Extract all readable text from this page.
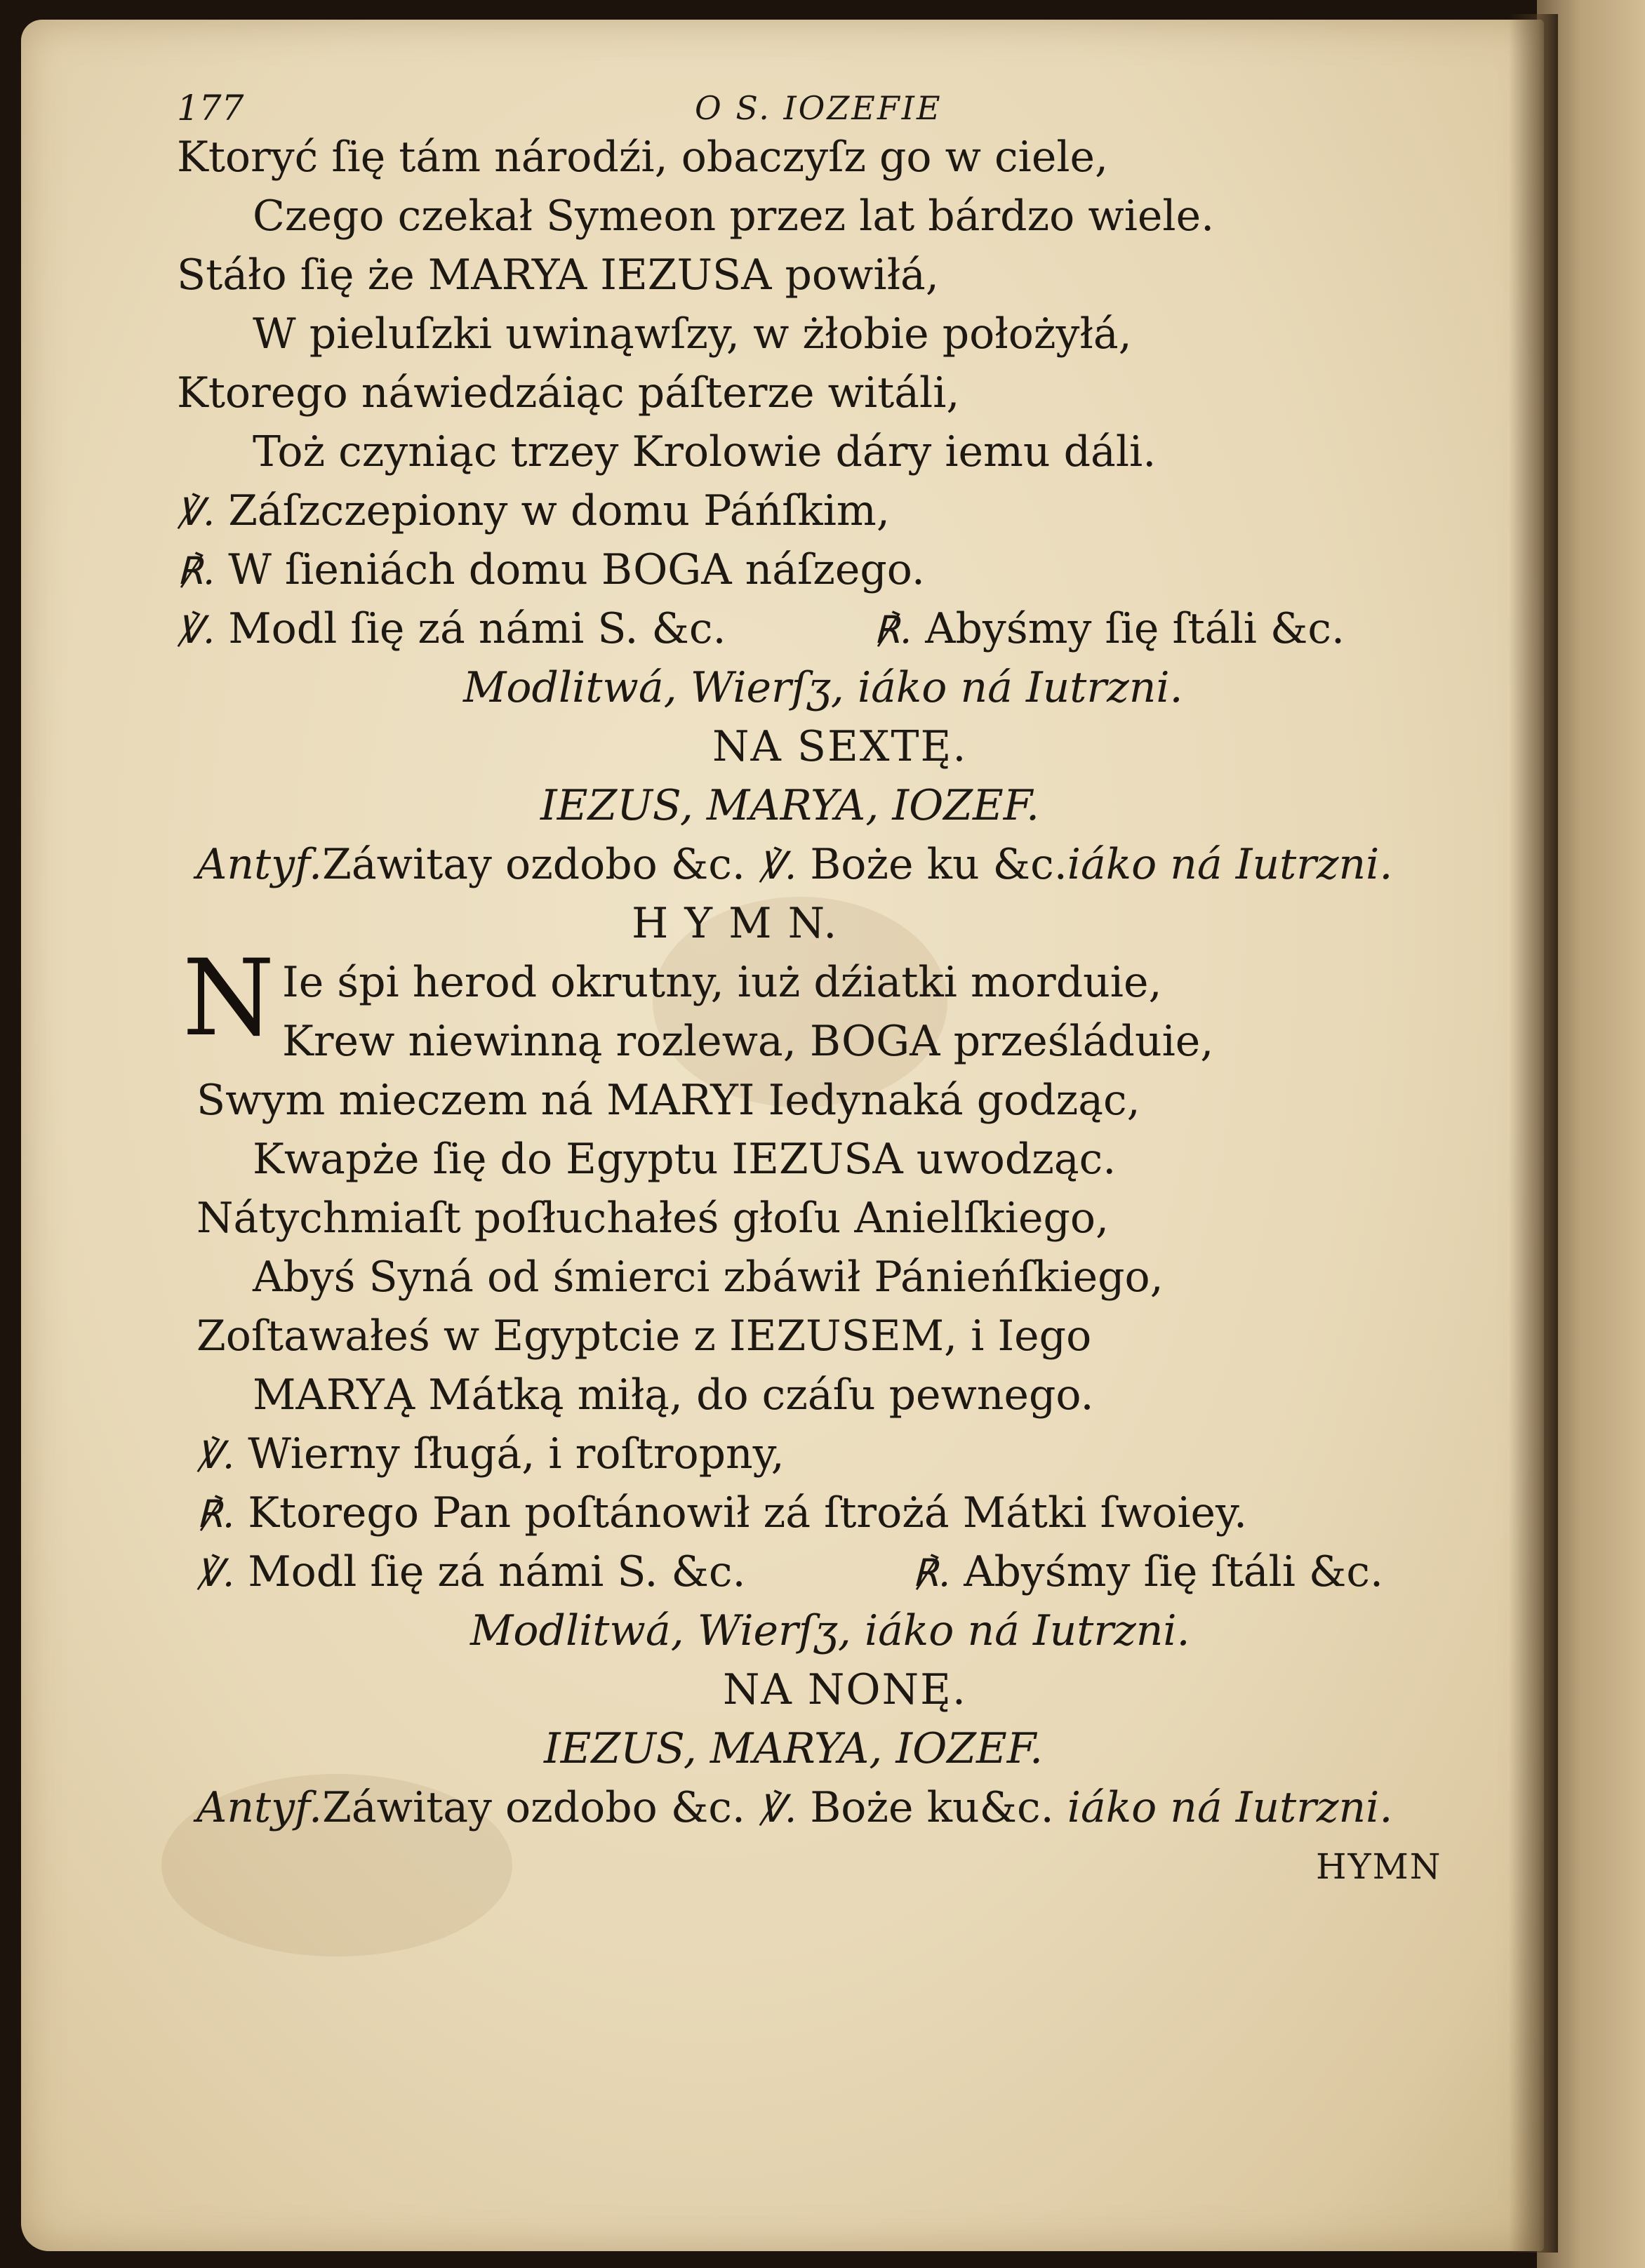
177	O S. IOZEFIE
Ktoryć ſię tám národźi, obaczyſz go w ciele,
Czego czekał Symeon przez lat bárdzo wiele.
Stáło ſię że MARYA IEZUSA powiłá,
W pieluſzki uwinąwſzy, w żłobie położyłá,
Ktorego náwiedzáiąc páſterze witáli,
Toż czyniąc trzey Krolowie dáry iemu dáli.
℣. Záſzczepiony w domu Páńſkim,
℟. W ſieniách domu BOGA náſzego.
℣. Modl ſię zá námi S. &c.	℟. Abyśmy ſię ſtáli &c.
Modlitwá, Wierſʒ, iáko ná Iutrzni.
NA SEXTĘ.
IEZUS, MARYA, IOZEF.
Antyf.Záwitay ozdobo &c. ℣. Boże ku &c.iáko ná Iutrzni.
H Y M N.
N Ie śpi herod okrutny, iuż dźiatki morduie,
Krew niewinną rozlewa, BOGA prześláduie,
Swym mieczem ná MARYI Iedynaká godząc,
Kwapże ſię do Egyptu IEZUSA uwodząc.
Nátychmiaſt poſłuchałeś głoſu Anielſkiego,
Abyś Syná od śmierci zbáwił Pánieńſkiego,
Zoſtawałeś w Egyptcie z IEZUSEM, i Iego
MARYĄ Mátką miłą, do czáſu pewnego.
℣. Wierny ſługá, i roſtropny,
℟. Ktorego Pan poſtánowił zá ſtrożá Mátki ſwoiey.
℣. Modl ſię zá námi S. &c.	℟. Abyśmy ſię ſtáli &c.
Modlitwá, Wierſʒ, iáko ná Iutrzni.
NA NONĘ.
IEZUS, MARYA, IOZEF.
Antyf.Záwitay ozdobo &c. ℣. Boże ku&c. iáko ná Iutrzni.
HYMN
